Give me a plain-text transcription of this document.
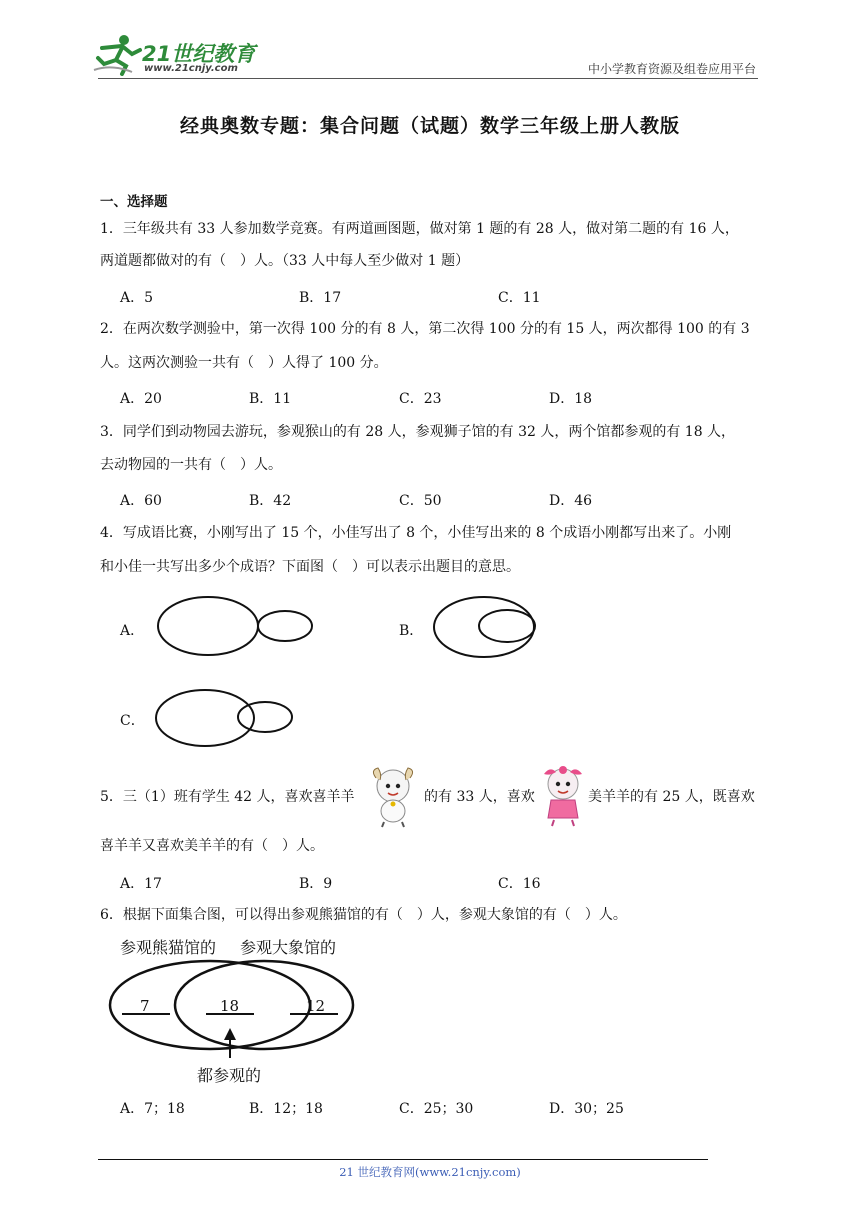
21世纪教育
www.21cnjy.com	中小学教育资源及组卷应用平台
经典奥数专题：集合问题（试题）数学三年级上册人教版
一、选择题
1．三年级共有 33 人参加数学竞赛。有两道画图题，做对第 1 题的有 28 人，做对第二题的有 16 人，
两道题都做对的有（　）人。（33 人中每人至少做对 1 题）
A．5	B．17	C．11
2．在两次数学测验中，第一次得 100 分的有 8 人，第二次得 100 分的有 15 人，两次都得 100 的有 3
人。这两次测验一共有（　）人得了 100 分。
A．20	B．11	C．23	D．18
3．同学们到动物园去游玩，参观猴山的有 28 人，参观狮子馆的有 32 人，两个馆都参观的有 18 人，
去动物园的一共有（　）人。
A．60	B．42	C．50	D．46
4．写成语比赛，小刚写出了 15 个，小佳写出了 8 个，小佳写出来的 8 个成语小刚都写出来了。小刚
和小佳一共写出多少个成语？下面图（　）可以表示出题目的意思。
A．	B．
C．
5．三（1）班有学生 42 人，喜欢喜羊羊	的有 33 人，喜欢	美羊羊的有 25 人，既喜欢
喜羊羊又喜欢美羊羊的有（　）人。
A．17	B．9	C．16
6．根据下面集合图，可以得出参观熊猫馆的有（　）人，参观大象馆的有（　）人。
参观熊猫馆的 参观大象馆的
7	18	12
都参观的
A．7；18	B．12；18	C．25；30	D．30；25
21 世纪教育网(www.21cnjy.com)
